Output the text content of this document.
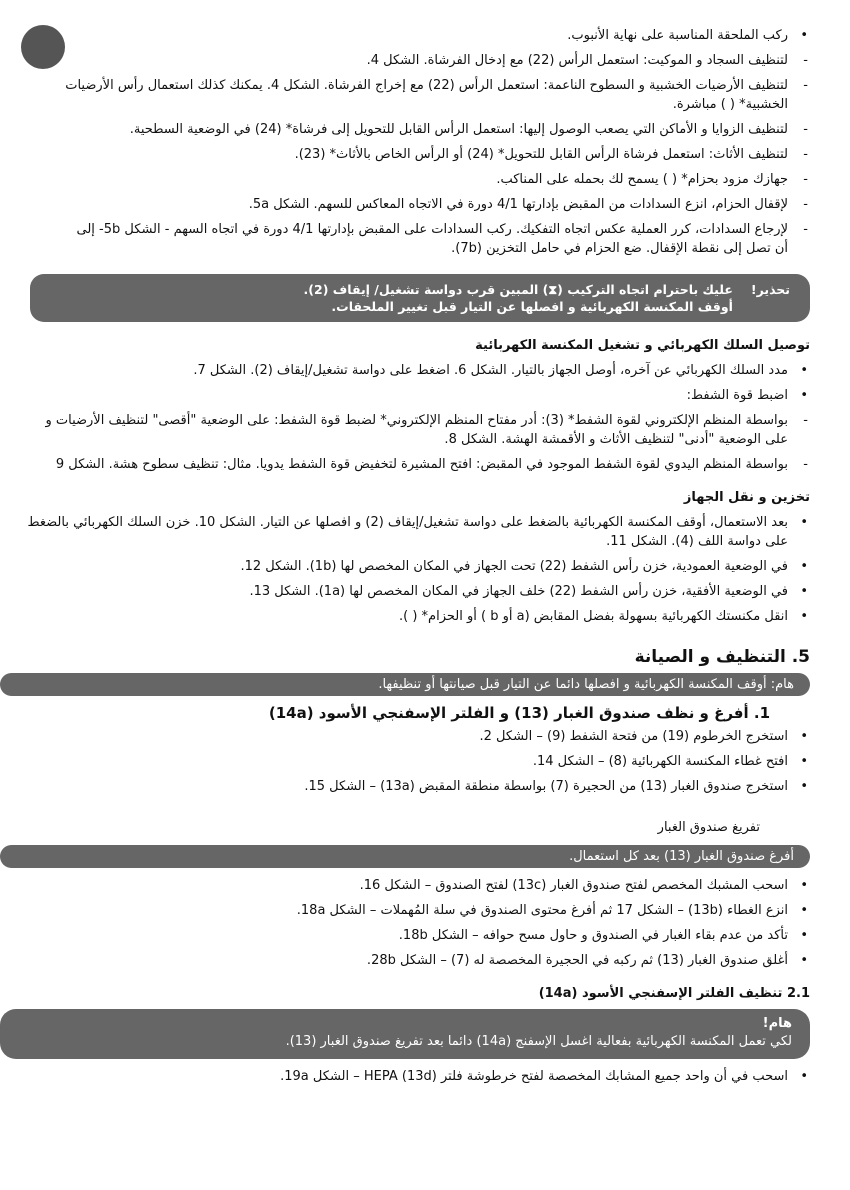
• ركب الملحقة المناسبة على نهاية الأنبوب.
- لتنظيف السجاد و الموكيت: استعمل الرأس (22) مع إدخال الفرشاة. الشكل 4.
- لتنظيف الأرضيات الخشبية و السطوح الناعمة: استعمل الرأس (22) مع إخراج الفرشاة. الشكل 4. يمكنك كذلك استعمال رأس الأرضيات الخشبية* ( ) مباشرة.
- لتنظيف الزوايا و الأماكن التي يصعب الوصول إليها: استعمل الرأس القابل للتحويل إلى فرشاة* (24) في الوضعية السطحية.
- لتنظيف الأثاث: استعمل فرشاة الرأس القابل للتحويل* (24) أو الرأس الخاص بالأثاث* (23).
- جهازك مزود بحزام* ( ) يسمح لك بحمله على المناكب.
- لإقفال الحزام، انزع السدادات من المقبض بإدارتها 4/1 دورة في الاتجاه المعاكس للسهم. الشكل 5a.
- لإرجاع السدادات، كرر العملية عكس اتجاه التفكيك. ركب السدادات على المقبض بإدارتها 4/1 دورة في اتجاه السهم - الشكل 5b- إلى أن تصل إلى نقطة الإقفال. ضع الحزام في حامل التخزين (7b).
تحذير!
عليك باحترام اتجاه التركيب (⧗) المبين قرب دواسة تشغيل/ إيقاف (2).
أوقف المكنسة الكهربائية و افصلها عن التيار قبل تغيير الملحقات.
توصيل السلك الكهربائي و تشغيل المكنسة الكهربائية
• مدد السلك الكهربائي عن آخره، أوصل الجهاز بالتيار. الشكل 6. اضغط على دواسة تشغيل/إيقاف (2). الشكل 7.
• اضبط قوة الشفط:
- بواسطة المنظم الإلكتروني لقوة الشفط* (3): أدر مفتاح المنظم الإلكتروني* لضبط قوة الشفط: على الوضعية "أقصى" لتنظيف الأرضيات و على الوضعية "أدنى" لتنظيف الأثاث و الأقمشة الهشة. الشكل 8.
- بواسطة المنظم اليدوي لقوة الشفط الموجود في المقبض: افتح المشيرة لتخفيض قوة الشفط يدويا. مثال: تنظيف سطوح هشة. الشكل 9
تخزين و نقل الجهاز
• بعد الاستعمال، أوقف المكنسة الكهربائية بالضغط على دواسة تشغيل/إيقاف (2) و افصلها عن التيار. الشكل 10. خزن السلك الكهربائي بالضغط على دواسة اللف (4). الشكل 11.
• في الوضعية العمودية، خزن رأس الشفط (22) تحت الجهاز في المكان المخصص لها (1b). الشكل 12.
• في الوضعية الأفقية، خزن رأس الشفط (22) خلف الجهاز في المكان المخصص لها (1a). الشكل 13.
• انقل مكنستك الكهربائية بسهولة بفضل المقابض (a أو b ) أو الحزام* ( ).
5. التنظيف و الصيانة
هام: أوقف المكنسة الكهربائية و افصلها دائما عن التيار قبل صيانتها أو تنظيفها.
1. أفرغ و نظف صندوق الغبار (13) و الفلتر الإسفنجي الأسود (14a)
• استخرج الخرطوم (19) من فتحة الشفط (9) – الشكل 2.
• افتح غطاء المكنسة الكهربائية (8) – الشكل 14.
• استخرج صندوق الغبار (13) من الحجيرة (7) بواسطة منطقة المقبض (13a) – الشكل 15.
تفريغ صندوق الغبار
أفرغ صندوق الغبار (13) بعد كل استعمال.
• اسحب المشبك المخصص لفتح صندوق الغبار (13c) لفتح الصندوق – الشكل 16.
• انزع الغطاء (13b) – الشكل 17 ثم أفرغ محتوى الصندوق في سلة المُهملات – الشكل 18a.
• تأكد من عدم بقاء الغبار في الصندوق و حاول مسح حوافه – الشكل 18b.
• أغلق صندوق الغبار (13) ثم ركبه في الحجيرة المخصصة له (7) – الشكل 28b.
2.1 تنظيف الفلتر الإسفنجي الأسود (14a)
هام!
لكي تعمل المكنسة الكهربائية بفعالية اغسل الإسفنج (14a) دائما بعد تفريغ صندوق الغبار (13).
• اسحب في أن واحد جميع المشابك المخصصة لفتح خرطوشة فلتر HEPA (13d) – الشكل 19a.
